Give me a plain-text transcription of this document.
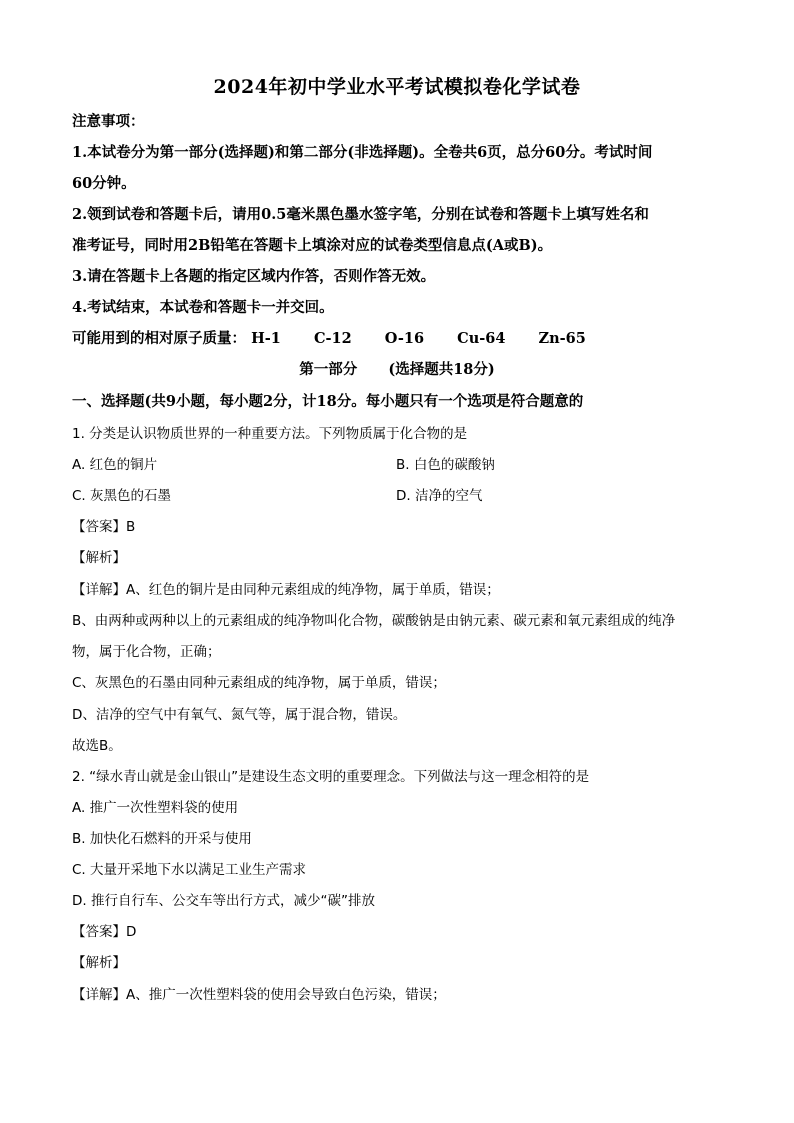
2024年初中学业水平考试模拟卷化学试卷
注意事项：
1.本试卷分为第一部分(选择题)和第二部分(非选择题)。全卷共6页，总分60分。考试时间
60分钟。
2.领到试卷和答题卡后，请用0.5毫米黑色墨水签字笔，分别在试卷和答题卡上填写姓名和
准考证号，同时用2B铅笔在答题卡上填涂对应的试卷类型信息点(A或B)。
3.请在答题卡上各题的指定区域内作答，否则作答无效。
4.考试结束，本试卷和答题卡一并交回。
可能用到的相对原子质量： H-1 C-12 O-16 Cu-64 Zn-65
第一部分 (选择题共18分)
一、选择题(共9小题，每小题2分，计18分。每小题只有一个选项是符合题意的
1. 分类是认识物质世界的一种重要方法。下列物质属于化合物的是
A. 红色的铜片	B. 白色的碳酸钠
C. 灰黑色的石墨	D. 洁净的空气
【答案】B
【解析】
【详解】A、红色的铜片是由同种元素组成的纯净物，属于单质，错误；
B、由两种或两种以上的元素组成的纯净物叫化合物，碳酸钠是由钠元素、碳元素和氧元素组成的纯净
物，属于化合物，正确；
C、灰黑色的石墨由同种元素组成的纯净物，属于单质，错误；
D、洁净的空气中有氧气、氮气等，属于混合物，错误。
故选B。
2. “绿水青山就是金山银山”是建设生态文明的重要理念。下列做法与这一理念相符的是
A. 推广一次性塑料袋的使用
B. 加快化石燃料的开采与使用
C. 大量开采地下水以满足工业生产需求
D. 推行自行车、公交车等出行方式，减少“碳”排放
【答案】D
【解析】
【详解】A、推广一次性塑料袋的使用会导致白色污染，错误；
